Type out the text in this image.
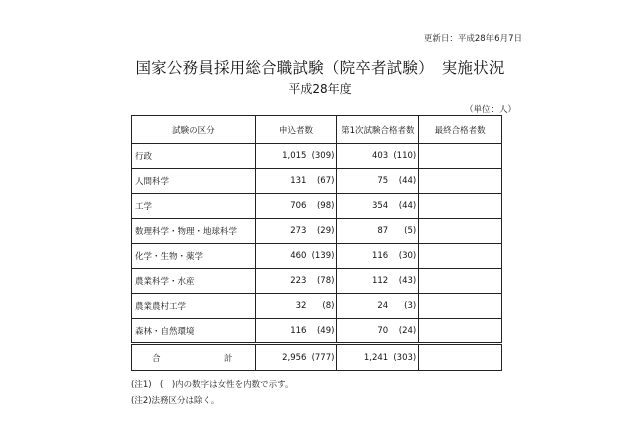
更新日：平成28年6月7日
国家公務員採用総合職試験（院卒者試験）　実施状況
平成28年度
（単位：人）
試験の区分	申込者数	第1次試験合格者数	最終合格者数
行政	1,015 (309)	403 (110)	

人間科学	131 (67)	75 (44)	

工学	706 (98)	354 (44)	

数理科学・物理・地球科学	273 (29)	87 (5)	

化学・生物・薬学	460 (139)	116 (30)	

農業科学・水産	223 (78)	112 (43)	

農業農村工学	32 (8)	24 (3)	

森林・自然環境	116 (49)	70 (24)	

合 計	2,956 (777)	1,241 (303)	

(注1)　(　)内の数字は女性を内数で示す。
(注2)法務区分は除く。
